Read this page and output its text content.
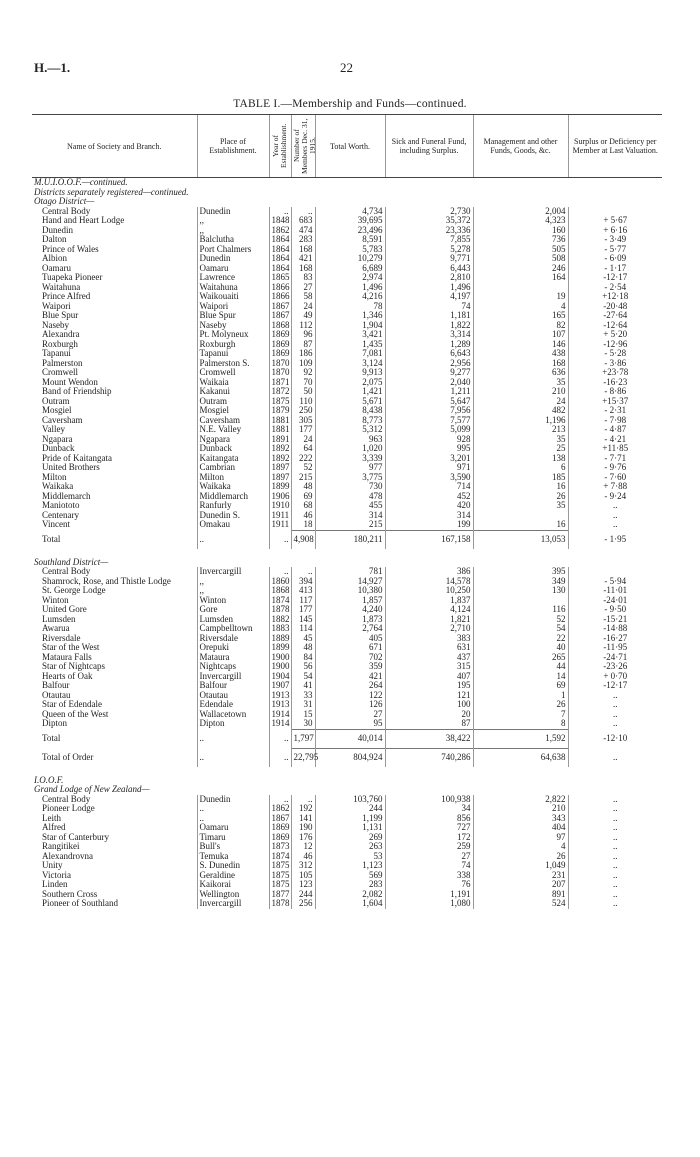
H.—1.	22
TABLE I.—Membership and Funds—continued.
Name of Society and Branch.	Place of Establishment.	Year of Establishment.	Number of Members Dec. 31, 1915.	Total Worth.	Sick and Funeral Fund, including Surplus.	Management and other Funds, Goods, &c.	Surplus or Deficiency per Member at Last Valuation.
M.U.I.O.O.F.—continued.							
Districts separately registered—continued.							
Otago District—							
Central Body	Dunedin	..	..	4,734	2,730	2,004	
Hand and Heart Lodge	,,	1848	683	39,695	35,372	4,323	+ 5·67
Dunedin	,,	1862	474	23,496	23,336	160	+ 6·16
Dalton	Balclutha	1864	283	8,591	7,855	736	- 3·49
Prince of Wales	Port Chalmers	1864	168	5,783	5,278	505	- 5·77
Albion	Dunedin	1864	421	10,279	9,771	508	- 6·09
Oamaru	Oamaru	1864	168	6,689	6,443	246	- 1·17
Tuapeka Pioneer	Lawrence	1865	83	2,974	2,810	164	-12·17
Waitahuna	Waitahuna	1866	27	1,496	1,496		- 2·54
Prince Alfred	Waikouaiti	1866	58	4,216	4,197	19	+12·18
Waipori	Waipori	1867	24	78	74	4	-20·48
Blue Spur	Blue Spur	1867	49	1,346	1,181	165	-27·64
Naseby	Naseby	1868	112	1,904	1,822	82	-12·64
Alexandra	Pt. Molyneux	1869	96	3,421	3,314	107	+ 5·20
Roxburgh	Roxburgh	1869	87	1,435	1,289	146	-12·96
Tapanui	Tapanui	1869	186	7,081	6,643	438	- 5·28
Palmerston	Palmerston S.	1870	109	3,124	2,956	168	- 3·86
Cromwell	Cromwell	1870	92	9,913	9,277	636	+23·78
Mount Wendon	Waikaia	1871	70	2,075	2,040	35	-16·23
Band of Friendship	Kakanui	1872	50	1,421	1,211	210	- 8·86
Outram	Outram	1875	110	5,671	5,647	24	+15·37
Mosgiel	Mosgiel	1879	250	8,438	7,956	482	- 2·31
Caversham	Caversham	1881	305	8,773	7,577	1,196	- 7·98
Valley	N.E. Valley	1881	177	5,312	5,099	213	- 4·87
Ngapara	Ngapara	1891	24	963	928	35	- 4·21
Dunback	Dunback	1892	64	1,020	995	25	+11·85
Pride of Kaitangata	Kaitangata	1892	222	3,339	3,201	138	- 7·71
United Brothers	Cambrian	1897	52	977	971	6	- 9·76
Milton	Milton	1897	215	3,775	3,590	185	- 7·60
Waikaka	Waikaka	1899	48	730	714	16	+ 7·88
Middlemarch	Middlemarch	1906	69	478	452	26	- 9·24
Maniototo	Ranfurly	1910	68	455	420	35	..
Centenary	Dunedin S.	1911	46	314	314		..
Vincent	Omakau	1911	18	215	199	16	..
Total	..	..	4,908	180,211	167,158	13,053	- 1·95

Southland District—							
Central Body	Invercargill	..	..	781	386	395	
Shamrock, Rose, and Thistle Lodge	,,	1860	394	14,927	14,578	349	- 5·94
St. George Lodge	,,	1868	413	10,380	10,250	130	-11·01
Winton	Winton	1874	117	1,857	1,837		-24·01
United Gore	Gore	1878	177	4,240	4,124	116	- 9·50
Lumsden	Lumsden	1882	145	1,873	1,821	52	-15·21
Awarua	Campbelltown	1883	114	2,764	2,710	54	-14·88
Riversdale	Riversdale	1889	45	405	383	22	-16·27
Star of the West	Orepuki	1899	48	671	631	40	-11·95
Mataura Falls	Mataura	1900	84	702	437	265	-24·71
Star of Nightcaps	Nightcaps	1900	56	359	315	44	-23·26
Hearts of Oak	Invercargill	1904	54	421	407	14	+ 0·70
Balfour	Balfour	1907	41	264	195	69	-12·17
Otautau	Otautau	1913	33	122	121	1	..
Star of Edendale	Edendale	1913	31	126	100	26	..
Queen of the West	Wallacetown	1914	15	27	20	7	..
Dipton	Dipton	1914	30	95	87	8	..
Total	..	..	1,797	40,014	38,422	1,592	-12·10
Total of Order	..	..	22,795	804,924	740,286	64,638	..

I.O.O.F.							
Grand Lodge of New Zealand—							
Central Body	Dunedin	..	..	103,760	100,938	2,822	..
Pioneer Lodge	..	1862	192	244	34	210	..
Leith	..	1867	141	1,199	856	343	..
Alfred	Oamaru	1869	190	1,131	727	404	..
Star of Canterbury	Timaru	1869	176	269	172	97	..
Rangitikei	Bull's	1873	12	263	259	4	..
Alexandrovna	Temuka	1874	46	53	27	26	..
Unity	S. Dunedin	1875	312	1,123	74	1,049	..
Victoria	Geraldine	1875	105	569	338	231	..
Linden	Kaikorai	1875	123	283	76	207	..
Southern Cross	Wellington	1877	244	2,082	1,191	891	..
Pioneer of Southland	Invercargill	1878	256	1,604	1,080	524	..
